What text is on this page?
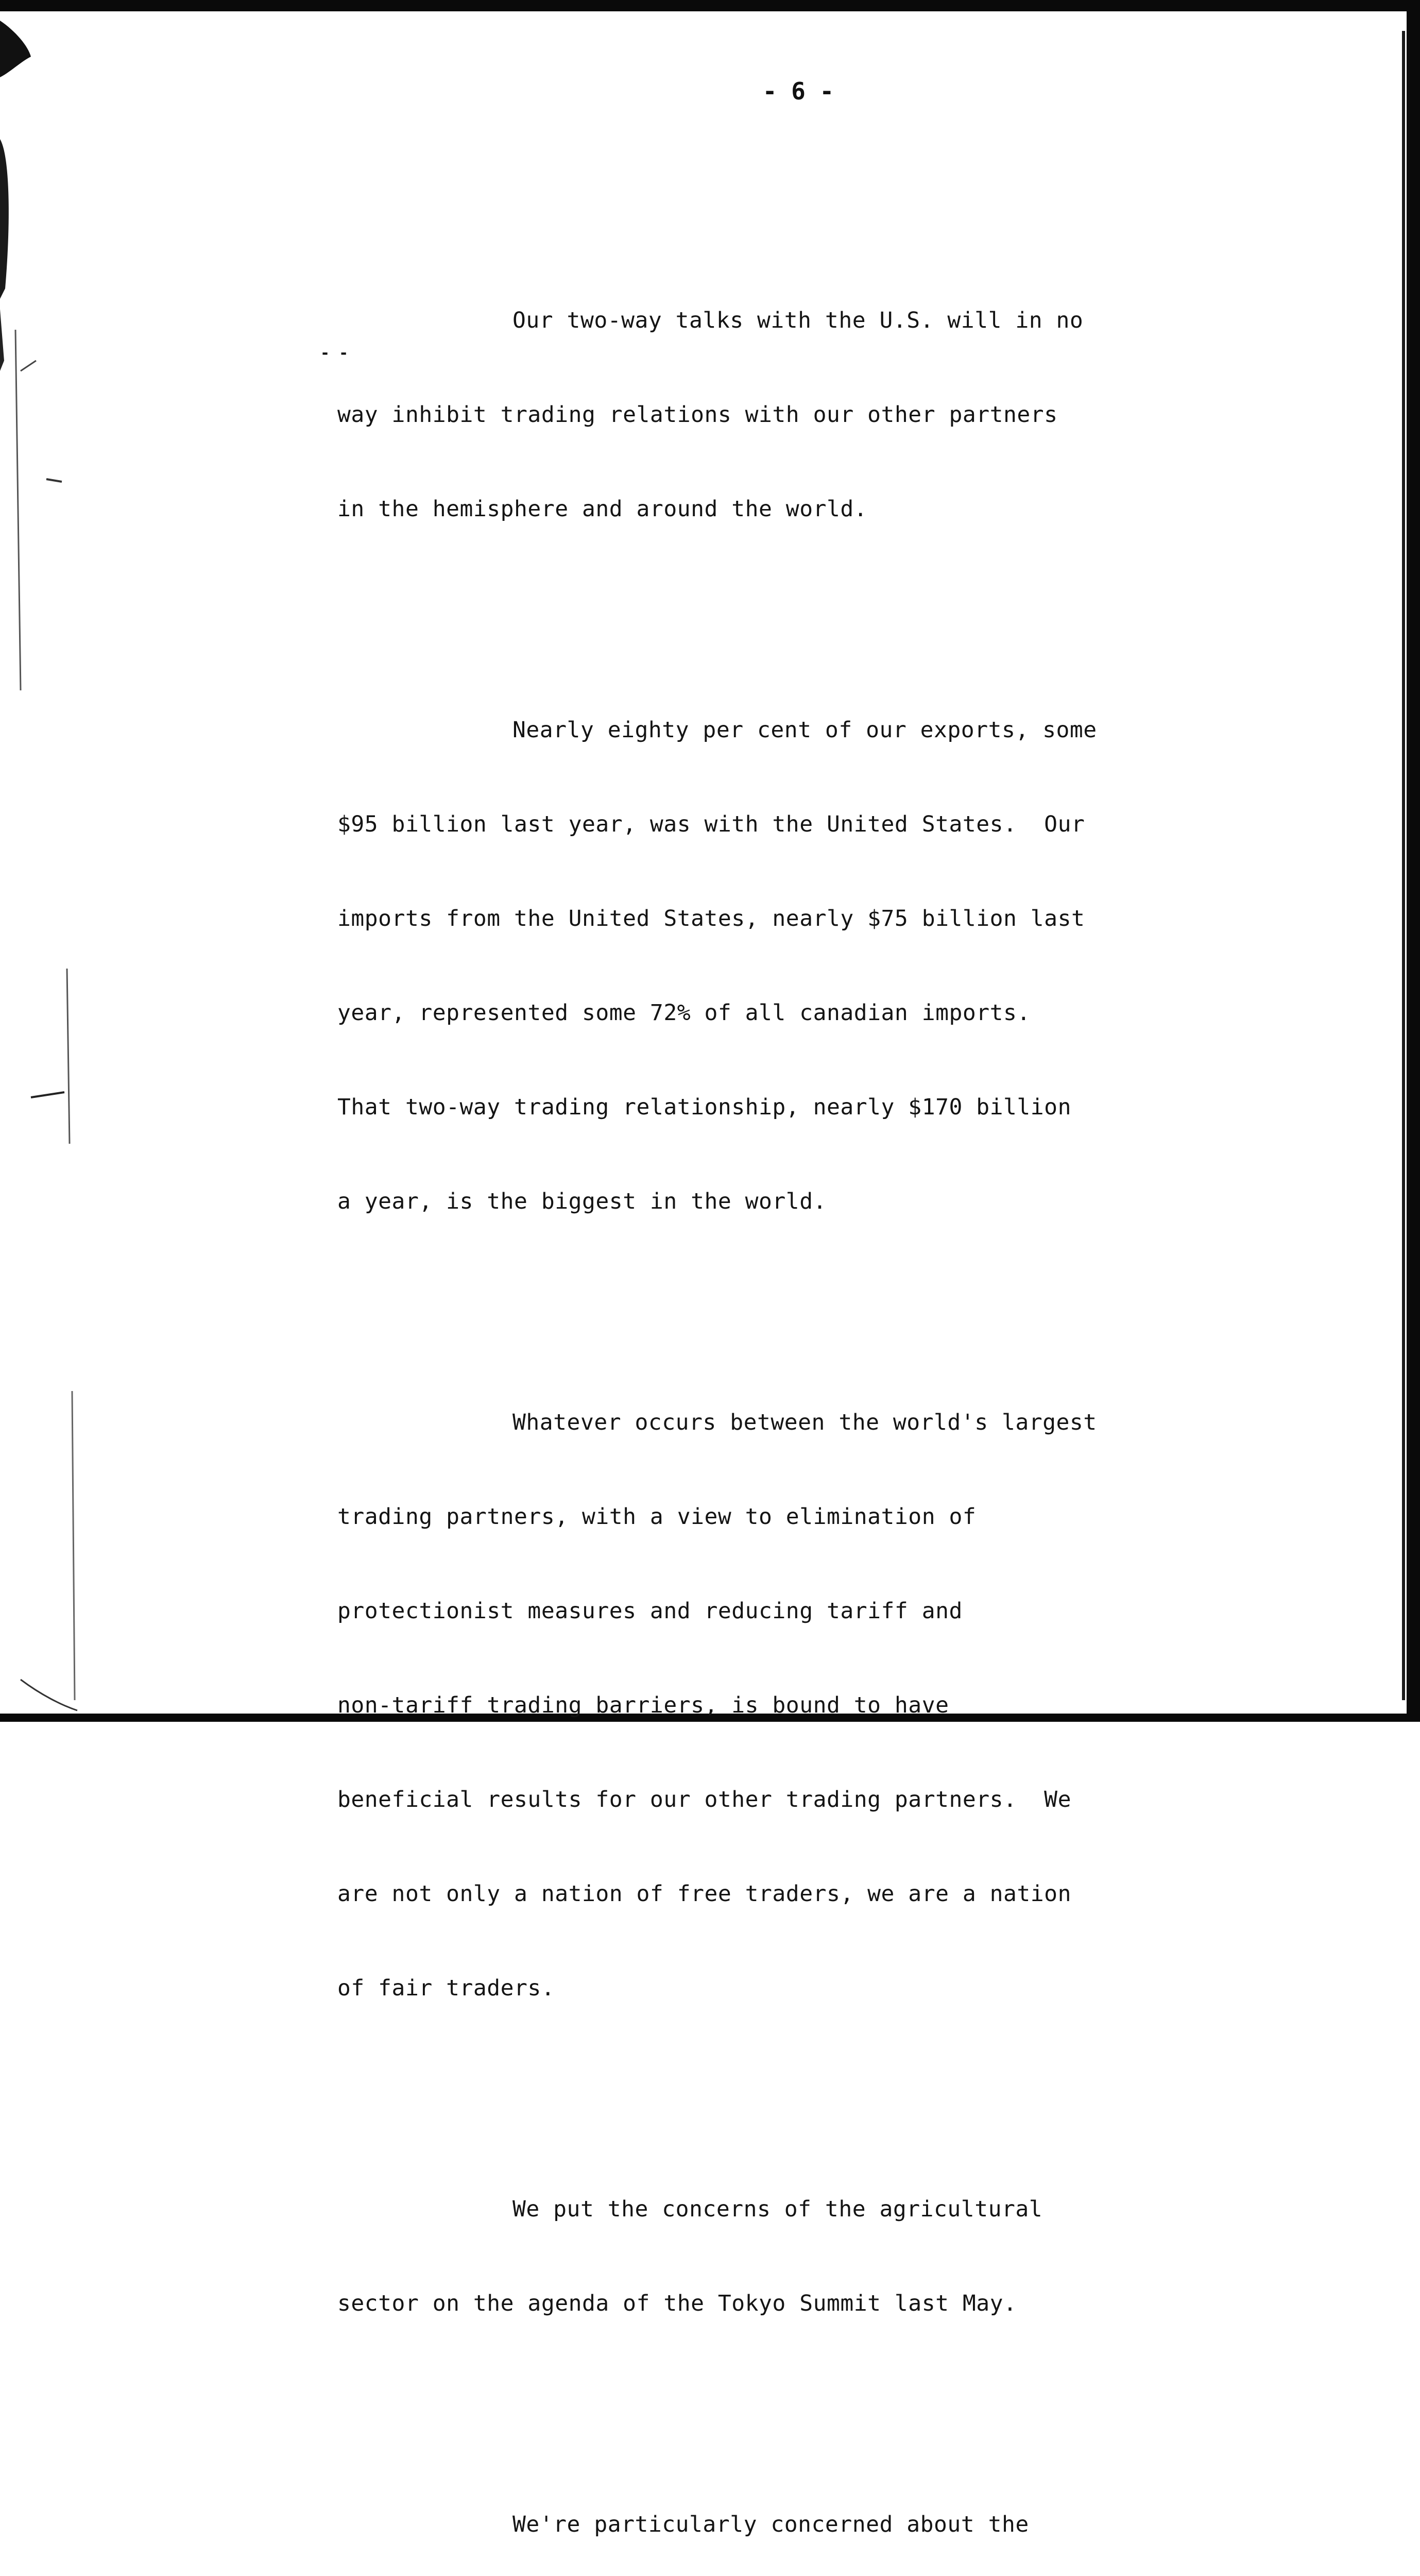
- 6 -
- -

Our two-way talks with the U.S. will in no

way inhibit trading relations with our other partners

in the hemisphere and around the world.

Nearly eighty per cent of our exports, some

$95 billion last year, was with the United States.  Our

imports from the United States, nearly $75 billion last

year, represented some 72% of all canadian imports.

That two-way trading relationship, nearly $170 billion

a year, is the biggest in the world.

Whatever occurs between the world's largest

trading partners, with a view to elimination of

protectionist measures and reducing tariff and

non-tariff trading barriers, is bound to have

beneficial results for our other trading partners.  We

are not only a nation of free traders, we are a nation

of fair traders.

We put the concerns of the agricultural

sector on the agenda of the Tokyo Summit last May.

We're particularly concerned about the
